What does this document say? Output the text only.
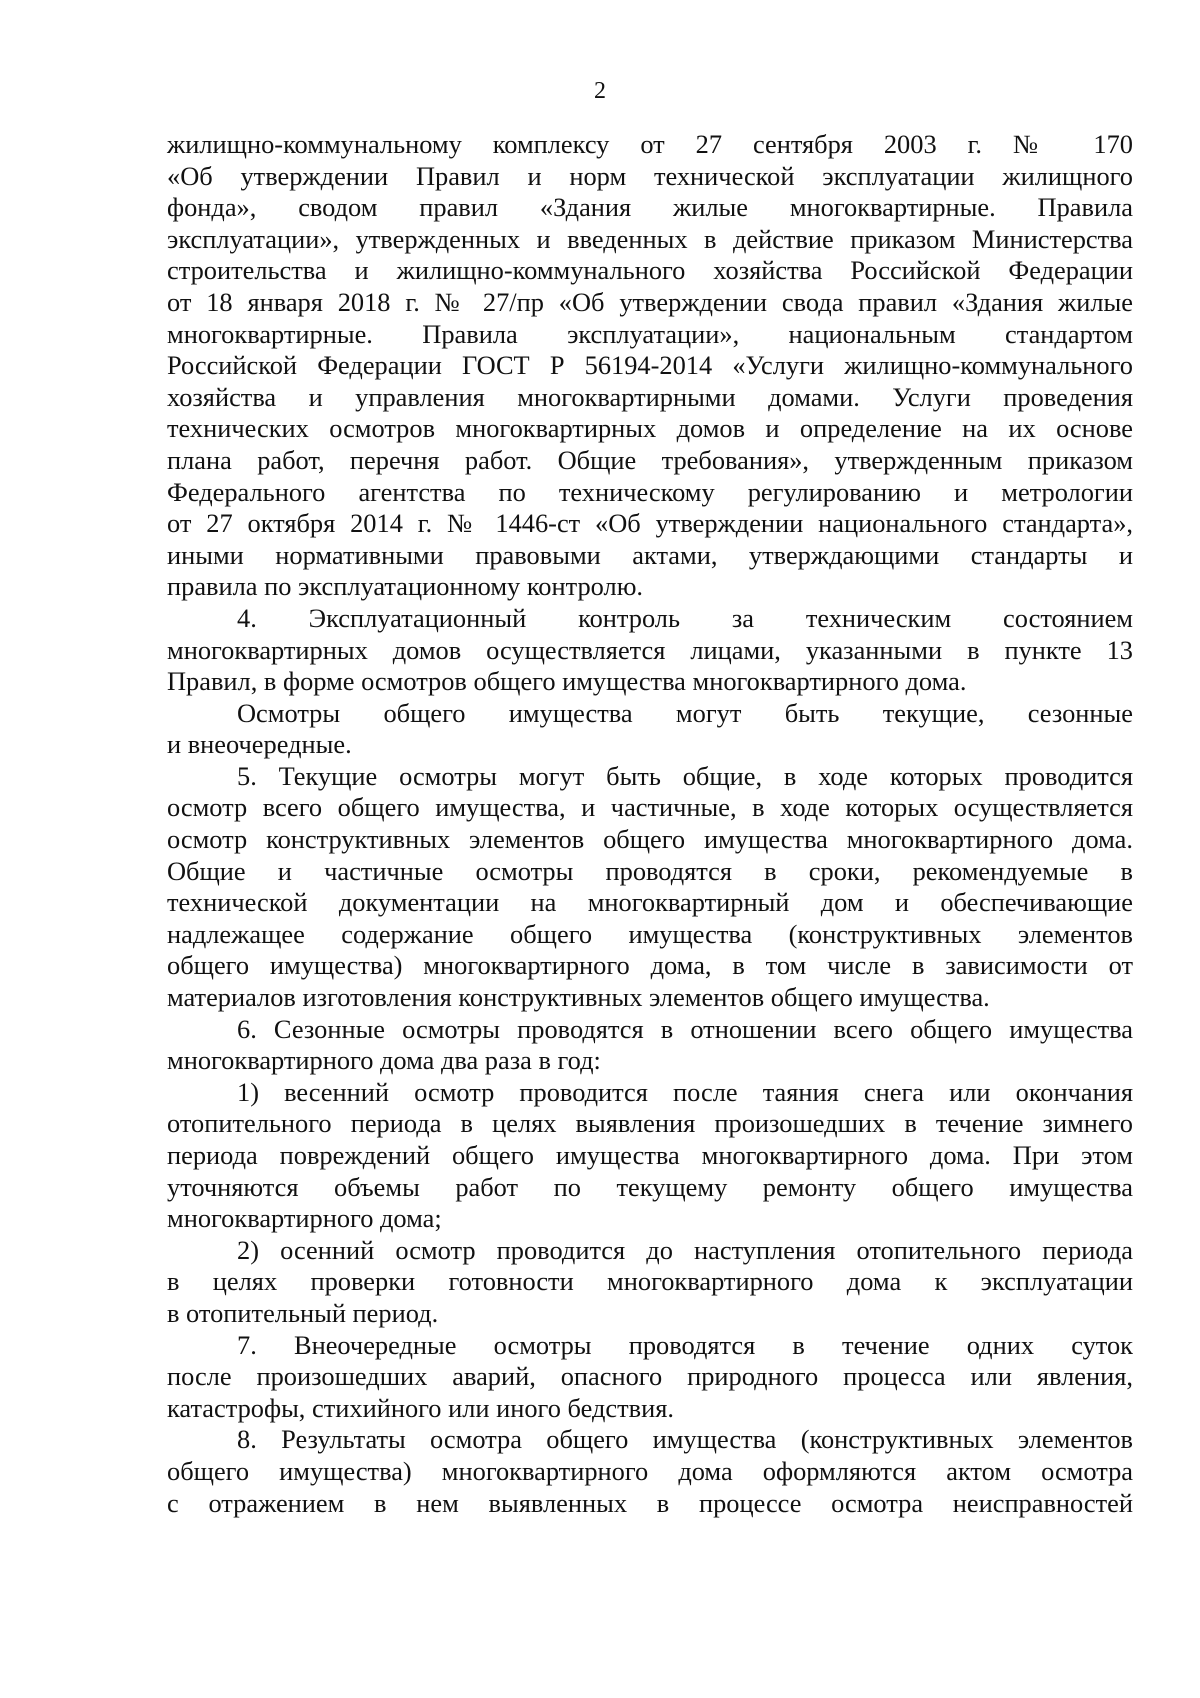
2
жилищно-коммунальному комплексу от 27 сентября 2003 г. № 170
«Об утверждении Правил и норм технической эксплуатации жилищного
фонда», сводом правил «Здания жилые многоквартирные. Правила
эксплуатации», утвержденных и введенных в действие приказом Министерства
строительства и жилищно-коммунального хозяйства Российской Федерации
от 18 января 2018 г. № 27/пр «Об утверждении свода правил «Здания жилые
многоквартирные. Правила эксплуатации», национальным стандартом
Российской Федерации ГОСТ Р 56194-2014 «Услуги жилищно-коммунального
хозяйства и управления многоквартирными домами. Услуги проведения
технических осмотров многоквартирных домов и определение на их основе
плана работ, перечня работ. Общие требования», утвержденным приказом
Федерального агентства по техническому регулированию и метрологии
от 27 октября 2014 г. № 1446-ст «Об утверждении национального стандарта»,
иными нормативными правовыми актами, утверждающими стандарты и
правила по эксплуатационному контролю.
4. Эксплуатационный контроль за техническим состоянием
многоквартирных домов осуществляется лицами, указанными в пункте 13
Правил, в форме осмотров общего имущества многоквартирного дома.
Осмотры общего имущества могут быть текущие, сезонные
и внеочередные.
5. Текущие осмотры могут быть общие, в ходе которых проводится
осмотр всего общего имущества, и частичные, в ходе которых осуществляется
осмотр конструктивных элементов общего имущества многоквартирного дома.
Общие и частичные осмотры проводятся в сроки, рекомендуемые в
технической документации на многоквартирный дом и обеспечивающие
надлежащее содержание общего имущества (конструктивных элементов
общего имущества) многоквартирного дома, в том числе в зависимости от
материалов изготовления конструктивных элементов общего имущества.
6. Сезонные осмотры проводятся в отношении всего общего имущества
многоквартирного дома два раза в год:
1) весенний осмотр проводится после таяния снега или окончания
отопительного периода в целях выявления произошедших в течение зимнего
периода повреждений общего имущества многоквартирного дома. При этом
уточняются объемы работ по текущему ремонту общего имущества
многоквартирного дома;
2) осенний осмотр проводится до наступления отопительного периода
в целях проверки готовности многоквартирного дома к эксплуатации
в отопительный период.
7. Внеочередные осмотры проводятся в течение одних суток
после произошедших аварий, опасного природного процесса или явления,
катастрофы, стихийного или иного бедствия.
8. Результаты осмотра общего имущества (конструктивных элементов
общего имущества) многоквартирного дома оформляются актом осмотра
с отражением в нем выявленных в процессе осмотра неисправностей
